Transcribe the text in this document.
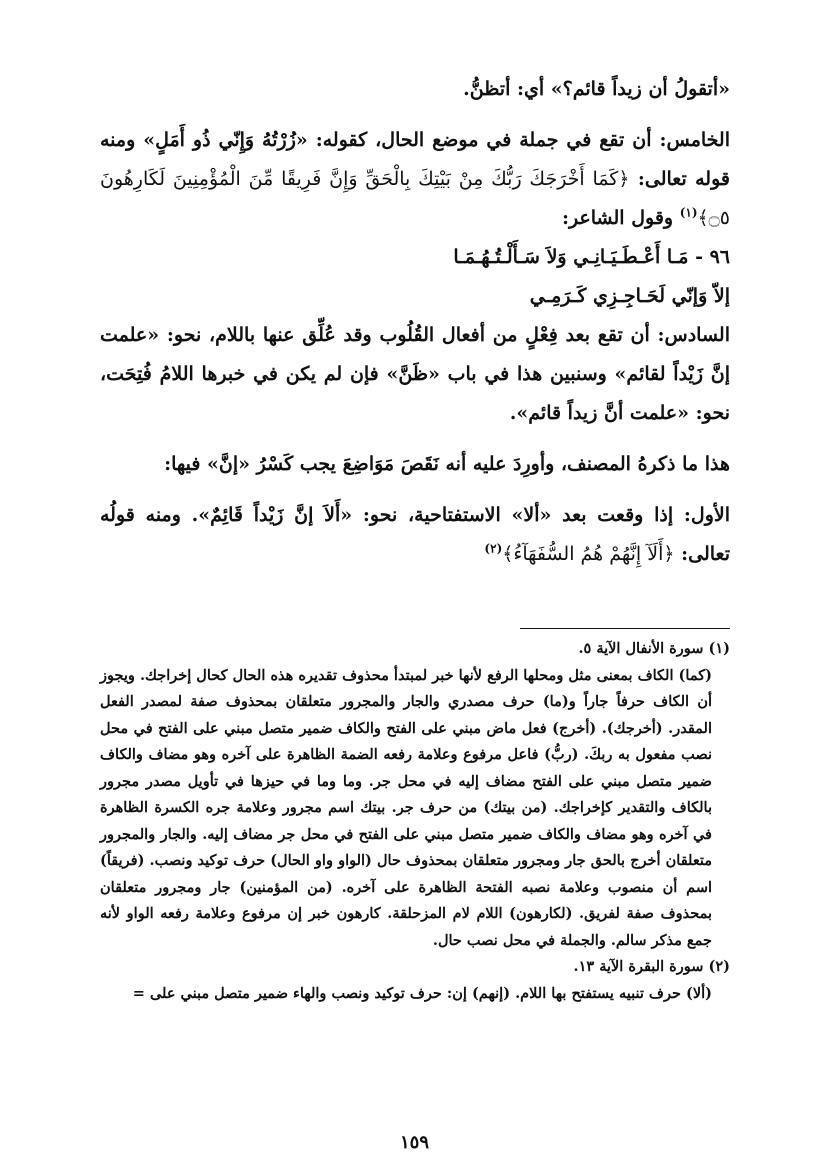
«أتقولُ أن زيداً قائم؟» أي: أتظنُّ.

الخامس: أن تقع في جملة في موضع الحال، كقوله: «زُرْتُهُ وَإِنّي ذُو أَمَلٍ» ومنه قوله تعالى: ﴿كَمَا أَخْرَجَكَ رَبُّكَ مِنْ بَيْتِكَ بِالْحَقِّ وَإِنَّ فَرِيقًا مِّنَ الْمُؤْمِنِينَ لَكَارِهُونَ ۝٥﴾$^{(١)}$ وقول الشاعر:

٩٦ - مَـا أَعْـطَـيَـانِـي وَلاَ سَـأَلْـتُـهُـمَـا

إلاّ وَإنّي لَحَـاجِـزِي كَـرَمِـي

السادس: أن تقع بعد فِعْلٍ من أفعال القُلُوب وقد عُلِّق عنها باللام، نحو: «علمت إنَّ زَيْداً لقائم» وسنبين هذا في باب «ظَنَّ» فإن لم يكن في خبرها اللامُ فُتِحَت، نحو: «علمت أنَّ زيداً قائم».

هذا ما ذكرهُ المصنف، وأورِدَ عليه أنه نَقَصَ مَوَاضِعَ يجب كَسْرُ «إنَّ» فيها:

الأول: إذا وقعت بعد «ألا» الاستفتاحية، نحو: «أَلاَ إنَّ زَيْداً قَائِمٌ». ومنه قولُه تعالى: ﴿أَلَآ إِنَّهُمْ هُمُ السُّفَهَآءُ﴾$^{(٢)}$

(١) سورة الأنفال الآية ٥.

(كما) الكاف بمعنى مثل ومحلها الرفع لأنها خبر لمبتدأ محذوف تقديره هذه الحال كحال إخراجك. ويجوز أن الكاف حرفاً جاراً و(ما) حرف مصدري والجار والمجرور متعلقان بمحذوف صفة لمصدر الفعل المقدر. (أخرجك). (أخرج) فعل ماض مبني على الفتح والكاف ضمير متصل مبني على الفتح في محل نصب مفعول به ربكَ. (ربُّ) فاعل مرفوع وعلامة رفعه الضمة الظاهرة على آخره وهو مضاف والكاف ضمير متصل مبني على الفتح مضاف إليه في محل جر. وما وما في حيزها في تأويل مصدر مجرور بالكاف والتقدير كإخراجك. (من بيتك) من حرف جر. بيتك اسم مجرور وعلامة جره الكسرة الظاهرة في آخره وهو مضاف والكاف ضمير متصل مبني على الفتح في محل جر مضاف إليه. والجار والمجرور متعلقان أخرج بالحق جار ومجرور متعلقان بمحذوف حال (الواو واو الحال) حرف توكيد ونصب. (فريقاً) اسم أن منصوب وعلامة نصبه الفتحة الظاهرة على آخره. (من المؤمنين) جار ومجرور متعلقان بمحذوف صفة لفريق. (لكارهون) اللام لام المزحلقة. كارهون خبر إن مرفوع وعلامة رفعه الواو لأنه جمع مذكر سالم. والجملة في محل نصب حال.

(٢) سورة البقرة الآية ١٣.

(ألا) حرف تنبيه يستفتح بها اللام. (إنهم) إن: حرف توكيد ونصب والهاء ضمير متصل مبني على =

١٥٩
